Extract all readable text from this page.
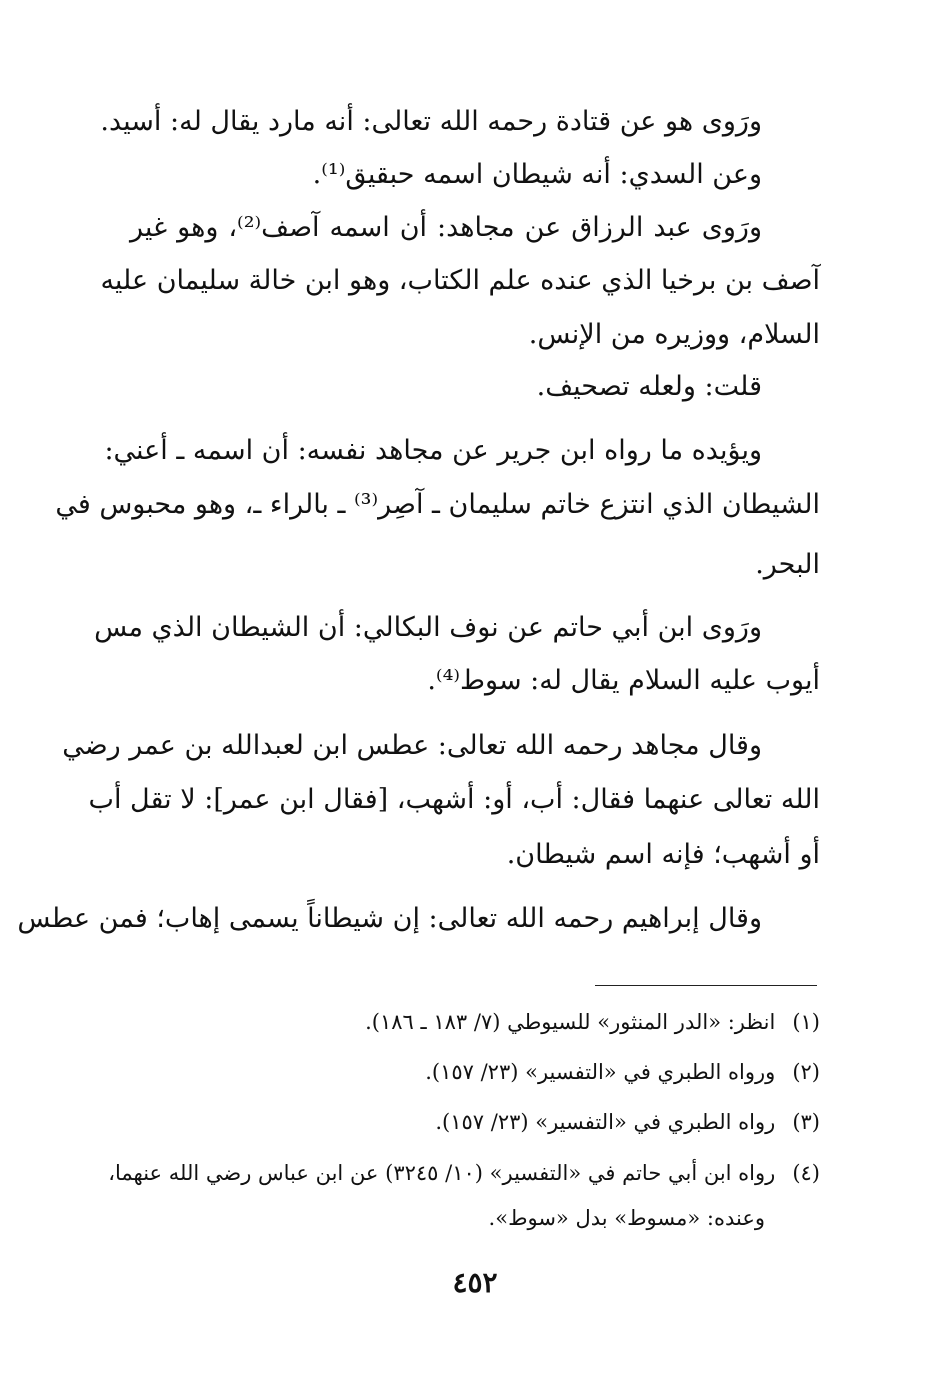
ورَوى هو عن قتادة رحمه الله تعالى: أنه مارد يقال له: أسيد.
وعن السدي: أنه شيطان اسمه حبقيق⁽¹⁾.
ورَوى عبد الرزاق عن مجاهد: أن اسمه آصف⁽²⁾، وهو غير
آصف بن برخيا الذي عنده علم الكتاب، وهو ابن خالة سليمان عليه
السلام، ووزيره من الإنس.
قلت: ولعله تصحيف.
ويؤيده ما رواه ابن جرير عن مجاهد نفسه: أن اسمه ـ أعني:
الشيطان الذي انتزع خاتم سليمان ـ آصِر⁽³⁾ ـ بالراء ـ، وهو محبوس في
البحر.
ورَوى ابن أبي حاتم عن نوف البكالي: أن الشيطان الذي مس
أيوب عليه السلام يقال له: سوط⁽⁴⁾.
وقال مجاهد رحمه الله تعالى: عطس ابن لعبدالله بن عمر رضي
الله تعالى عنهما فقال: أب، أو: أشهب، [فقال ابن عمر]: لا تقل أب
أو أشهب؛ فإنه اسم شيطان.
وقال إبراهيم رحمه الله تعالى: إن شيطاناً يسمى إهاب؛ فمن عطس
(١) انظر: «الدر المنثور» للسيوطي (٧/ ١٨٣ ـ ١٨٦).
(٢) ورواه الطبري في «التفسير» (٢٣/ ١٥٧).
(٣) رواه الطبري في «التفسير» (٢٣/ ١٥٧).
(٤) رواه ابن أبي حاتم في «التفسير» (١٠/ ٣٢٤٥) عن ابن عباس رضي الله عنهما،
وعنده: «مسوط» بدل «سوط».
٤٥٢
